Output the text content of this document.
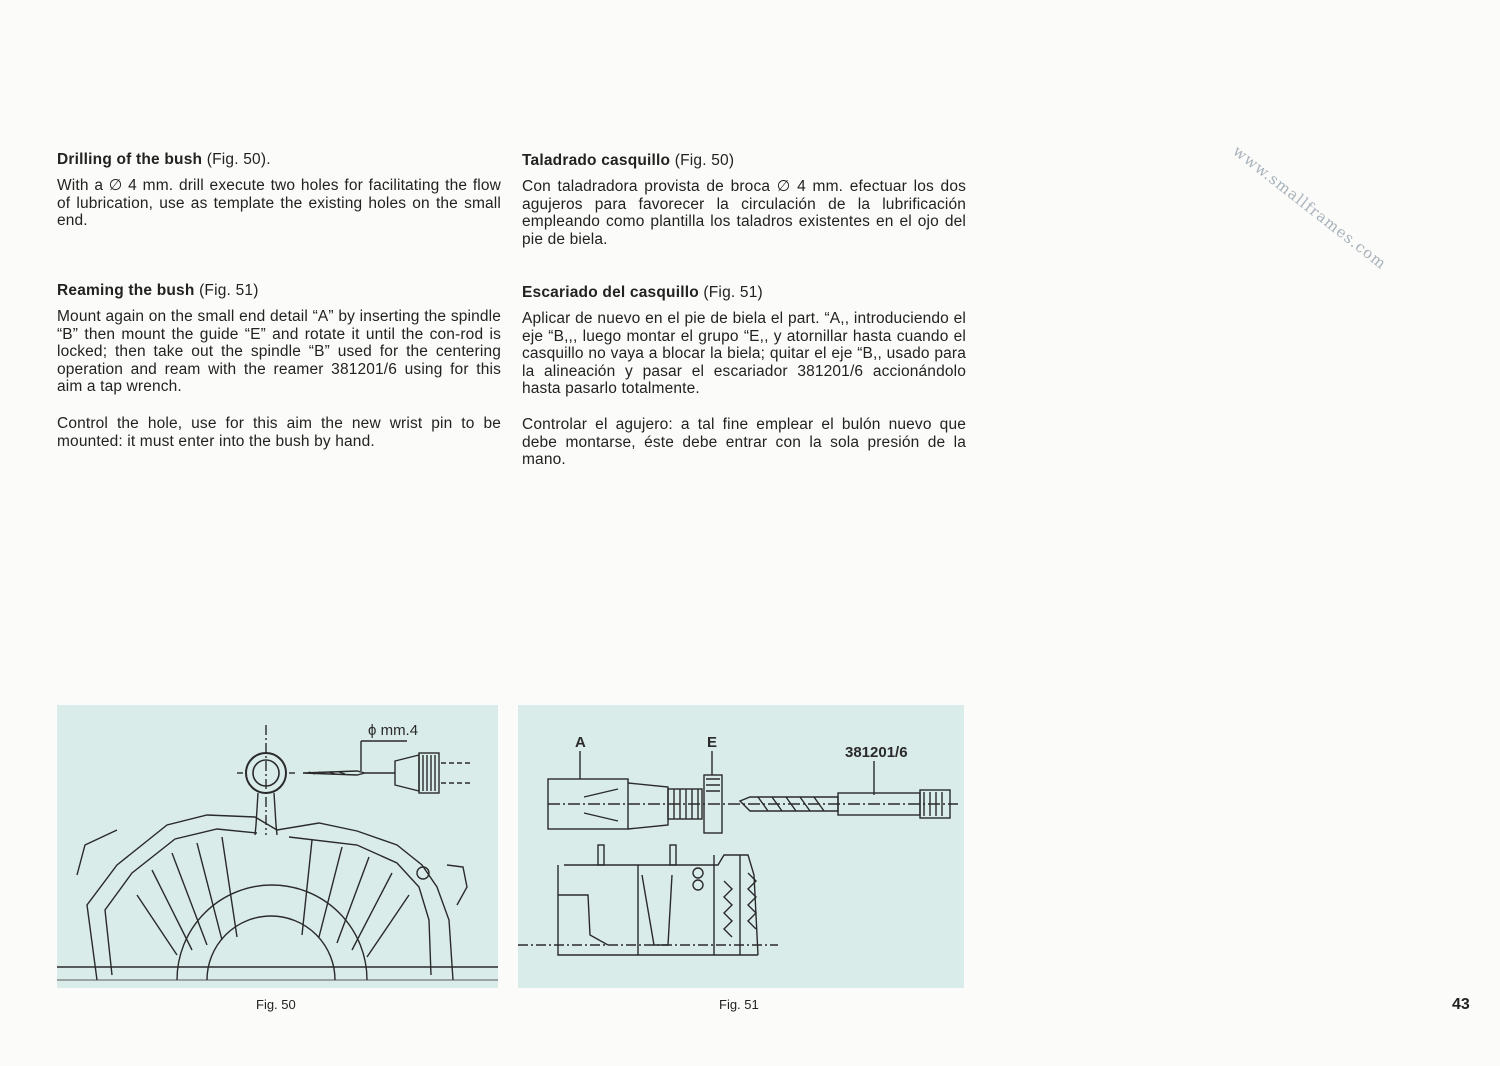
www.smallframes.com

Drilling of the bush (Fig. 50).

With a ∅ 4 mm. drill execute two holes for facilitating the flow of lubrication, use as template the existing holes on the small end.

Reaming the bush (Fig. 51)

Mount again on the small end detail “A” by inserting the spindle “B” then mount the guide “E” and rotate it until the con-rod is locked; then take out the spindle “B” used for the centering operation and ream with the reamer 381201/6 using for this aim a tap wrench.

Control the hole, use for this aim the new wrist pin to be mounted: it must enter into the bush by hand.

Taladrado casquillo (Fig. 50)

Con taladradora provista de broca ∅ 4 mm. efectuar los dos agujeros para favorecer la circulación de la lubrificación empleando como plantilla los taladros existentes en el ojo del pie de biela.

Escariado del casquillo (Fig. 51)

Aplicar de nuevo en el pie de biela el part. “A,, introduciendo el eje “B,,, luego montar el grupo “E,, y atornillar hasta cuando el casquillo no vaya a blocar la biela; quitar el eje “B,, usado para la alineación y pasar el escariador 381201/6 accionándolo hasta pasarlo totalmente.

Controlar el agujero: a tal fine emplear el bulón nuevo que debe montarse, éste debe entrar con la sola presión de la mano.

ϕ mm.4
A	E
381201/6
Fig. 50	Fig. 51	43
